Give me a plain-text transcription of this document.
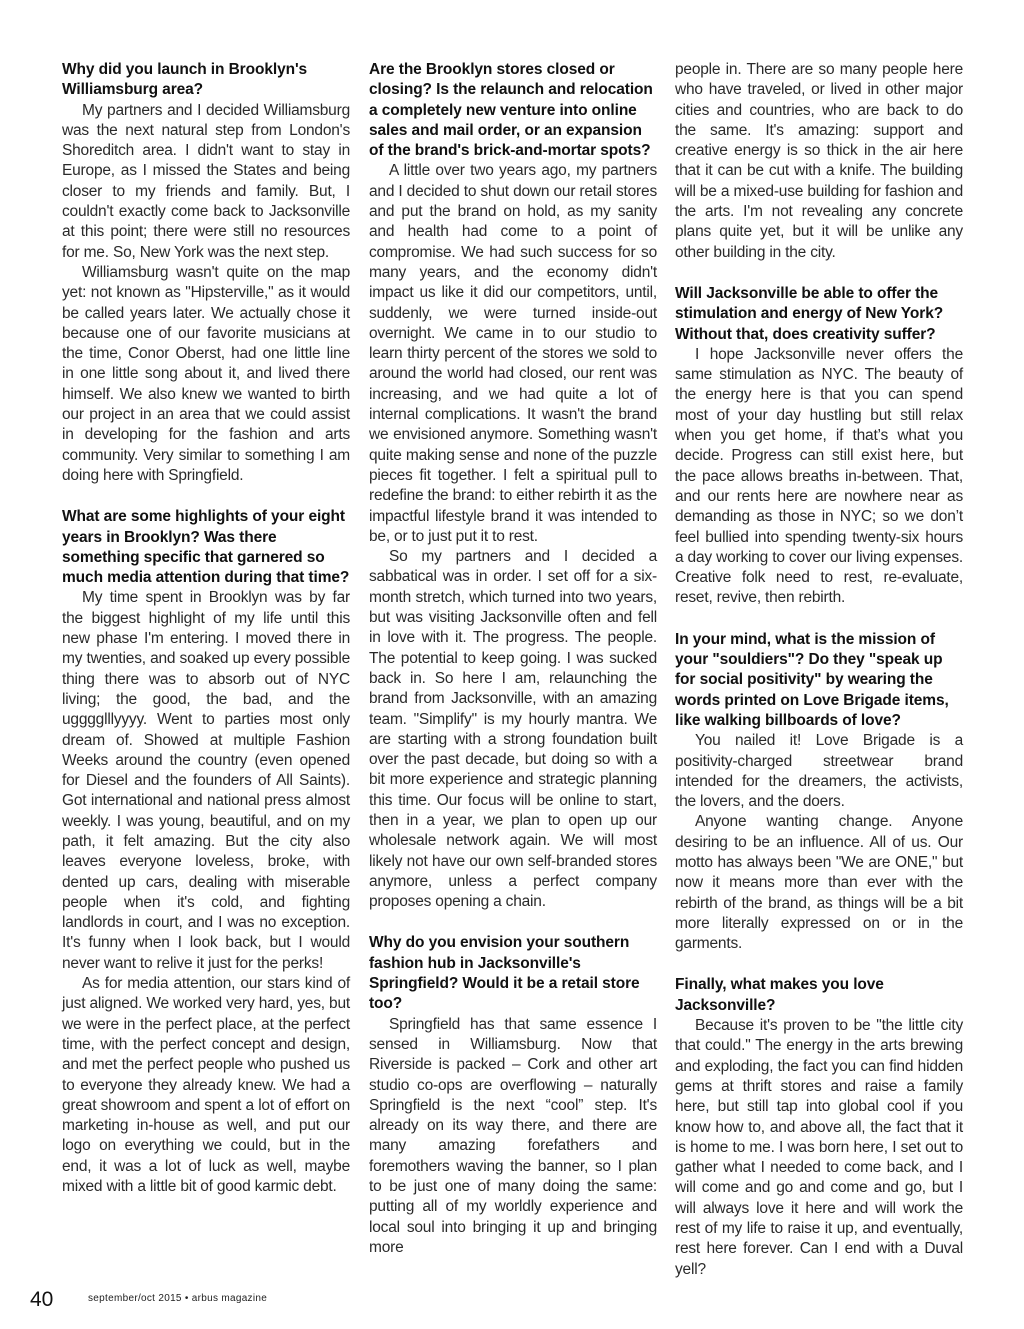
Why did you launch in Brooklyn's Williamsburg area?

My partners and I decided Williamsburg was the next natural step from London's Shoreditch area. I didn't want to stay in Europe, as I missed the States and being closer to my friends and family. But, I couldn't exactly come back to Jacksonville at this point; there were still no resources for me. So, New York was the next step.

Williamsburg wasn't quite on the map yet: not known as "Hipsterville," as it would be called years later. We actually chose it because one of our favorite musicians at the time, Conor Oberst, had one little line in one little song about it, and lived there himself. We also knew we wanted to birth our project in an area that we could assist in developing for the fashion and arts community. Very similar to something I am doing here with Springfield.

What are some highlights of your eight years in Brooklyn? Was there something specific that garnered so much media attention during that time?

My time spent in Brooklyn was by far the biggest highlight of my life until this new phase I'm entering. I moved there in my twenties, and soaked up every possible thing there was to absorb out of NYC living; the good, the bad, and the ugggglllyyyy. Went to parties most only dream of. Showed at multiple Fashion Weeks around the country (even opened for Diesel and the founders of All Saints). Got international and national press almost weekly. I was young, beautiful, and on my path, it felt amazing. But the city also leaves everyone loveless, broke, with dented up cars, dealing with miserable people when it's cold, and fighting landlords in court, and I was no exception. It's funny when I look back, but I would never want to relive it just for the perks!

As for media attention, our stars kind of just aligned. We worked very hard, yes, but we were in the perfect place, at the perfect time, with the perfect concept and design, and met the perfect people who pushed us to everyone they already knew. We had a great showroom and spent a lot of effort on marketing in-house as well, and put our logo on everything we could, but in the end, it was a lot of luck as well, maybe mixed with a little bit of good karmic debt.

Are the Brooklyn stores closed or closing? Is the relaunch and relocation a completely new venture into online sales and mail order, or an expansion of the brand's brick-and-mortar spots?

A little over two years ago, my partners and I decided to shut down our retail stores and put the brand on hold, as my sanity and health had come to a point of compromise. We had such success for so many years, and the economy didn't impact us like it did our competitors, until, suddenly, we were turned inside-out overnight. We came in to our studio to learn thirty percent of the stores we sold to around the world had closed, our rent was increasing, and we had quite a lot of internal complications. It wasn't the brand we envisioned anymore. Something wasn't quite making sense and none of the puzzle pieces fit together. I felt a spiritual pull to redefine the brand: to either rebirth it as the impactful lifestyle brand it was intended to be, or to just put it to rest.

So my partners and I decided a sabbatical was in order. I set off for a six-month stretch, which turned into two years, but was visiting Jacksonville often and fell in love with it. The progress. The people. The potential to keep going. I was sucked back in. So here I am, relaunching the brand from Jacksonville, with an amazing team. "Simplify" is my hourly mantra. We are starting with a strong foundation built over the past decade, but doing so with a bit more experience and strategic planning this time. Our focus will be online to start, then in a year, we plan to open up our wholesale network again. We will most likely not have our own self-branded stores anymore, unless a perfect company proposes opening a chain.

Why do you envision your southern fashion hub in Jacksonville's Springfield? Would it be a retail store too?

Springfield has that same essence I sensed in Williamsburg. Now that Riverside is packed – Cork and other art studio co-ops are overflowing – naturally Springfield is the next “cool” step. It's already on its way there, and there are many amazing forefathers and foremothers waving the banner, so I plan to be just one of many doing the same: putting all of my worldly experience and local soul into bringing it up and bringing more

people in. There are so many people here who have traveled, or lived in other major cities and countries, who are back to do the same. It's amazing: support and creative energy is so thick in the air here that it can be cut with a knife. The building will be a mixed-use building for fashion and the arts. I'm not revealing any concrete plans quite yet, but it will be unlike any other building in the city.

Will Jacksonville be able to offer the stimulation and energy of New York? Without that, does creativity suffer?

I hope Jacksonville never offers the same stimulation as NYC. The beauty of the energy here is that you can spend most of your day hustling but still relax when you get home, if that’s what you decide. Progress can still exist here, but the pace allows breaths in-between. That, and our rents here are nowhere near as demanding as those in NYC; so we don’t feel bullied into spending twenty-six hours a day working to cover our living expenses. Creative folk need to rest, re-evaluate, reset, revive, then rebirth.

In your mind, what is the mission of your "souldiers"? Do they "speak up for social positivity" by wearing the words printed on Love Brigade items, like walking billboards of love?

You nailed it! Love Brigade is a positivity-charged streetwear brand intended for the dreamers, the activists, the lovers, and the doers.

Anyone wanting change. Anyone desiring to be an influence. All of us. Our motto has always been "We are ONE," but now it means more than ever with the rebirth of the brand, as things will be a bit more literally expressed on or in the garments.

Finally, what makes you love Jacksonville?

Because it's proven to be "the little city that could." The energy in the arts brewing and exploding, the fact you can find hidden gems at thrift stores and raise a family here, but still tap into global cool if you know how to, and above all, the fact that it is home to me. I was born here, I set out to gather what I needed to come back, and I will come and go and come and go, but I will always love it here and will work the rest of my life to raise it up, and eventually, rest here forever. Can I end with a Duval yell?

40	september/oct 2015 • arbus magazine
